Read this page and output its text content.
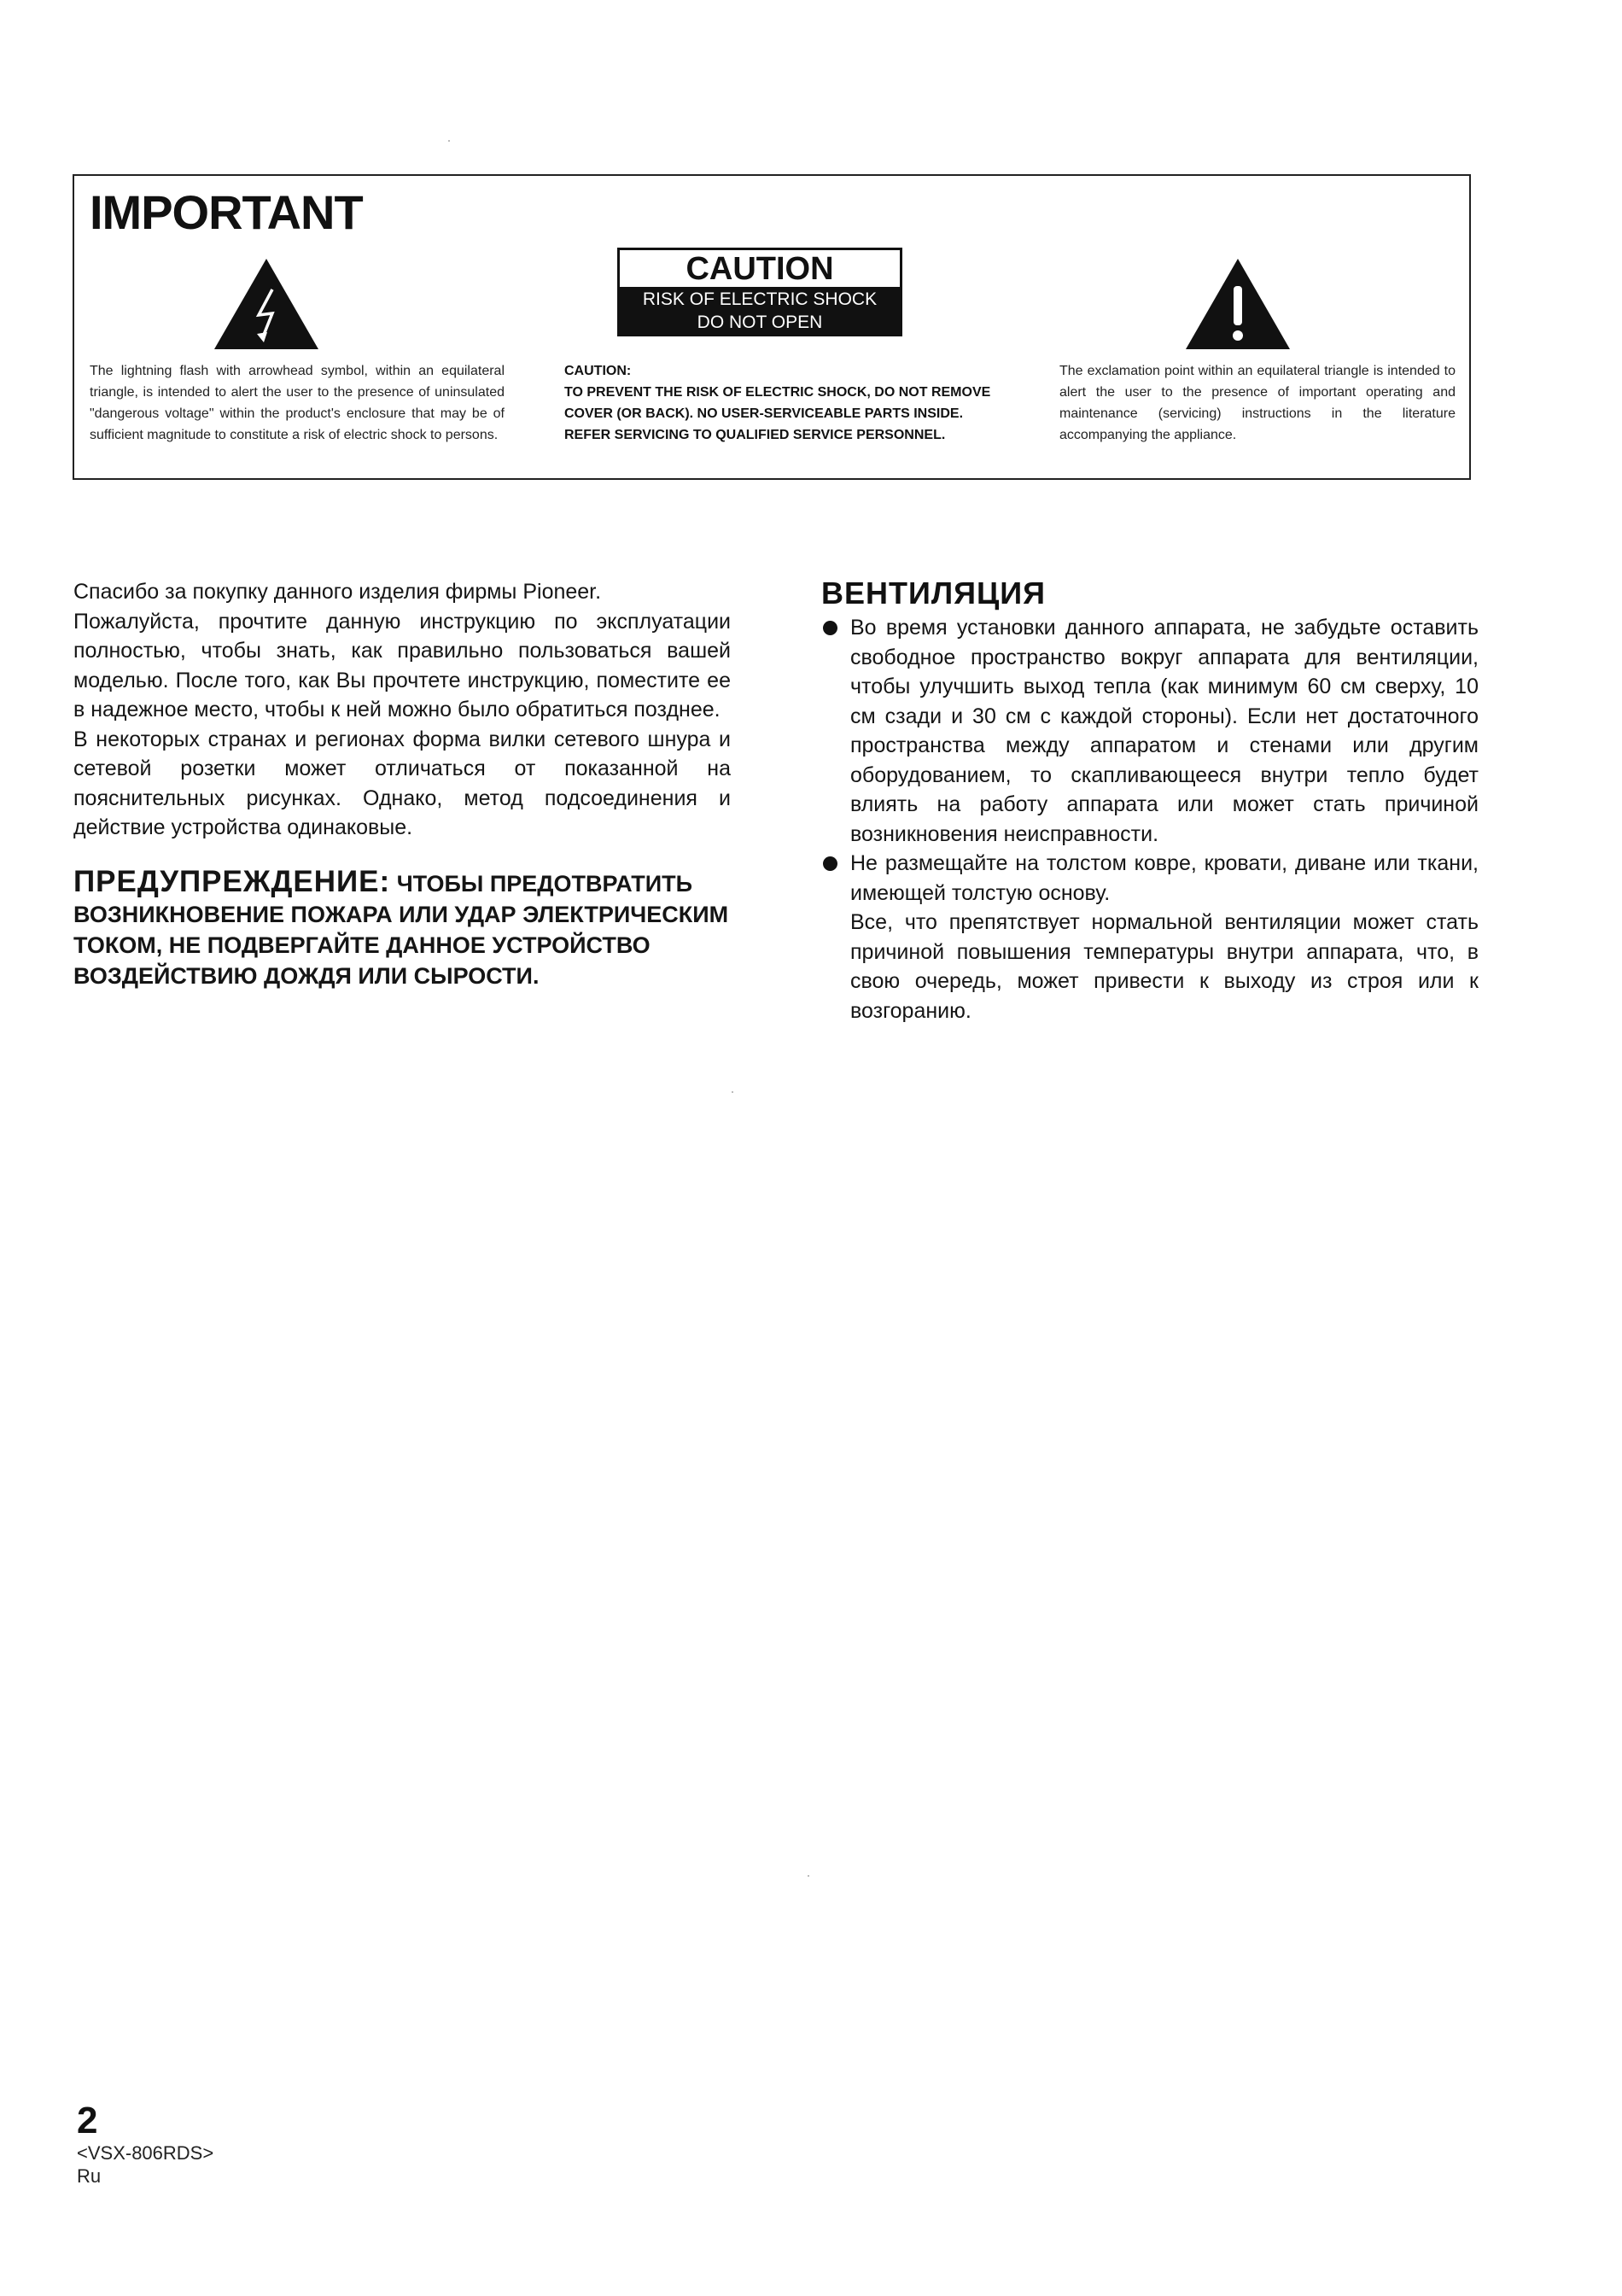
IMPORTANT
CAUTION
RISK OF ELECTRIC SHOCK
DO NOT OPEN

The lightning flash with arrowhead symbol, within an equilateral triangle, is intended to alert the user to the presence of uninsulated "dangerous voltage" within the product's enclosure that may be of sufficient magnitude to constitute a risk of electric shock to persons.

CAUTION:

TO PREVENT THE RISK OF ELECTRIC SHOCK, DO NOT REMOVE COVER (OR BACK). NO USER-SERVICEABLE PARTS INSIDE. REFER SERVICING TO QUALIFIED SERVICE PERSONNEL.

The exclamation point within an equilateral triangle is intended to alert the user to the presence of important operating and maintenance (servicing) instructions in the literature accompanying the appliance.

Спасибо за покупку данного изделия фирмы Pioneer.

Пожалуйста, прочтите данную инструкцию по эксплуатации полностью, чтобы знать, как правильно пользоваться вашей моделью. После того, как Вы прочтете инструкцию, поместите ее в надежное место, чтобы к ней можно было обратиться позднее.

В некоторых странах и регионах форма вилки сетевого шнура и сетевой розетки может отличаться от показанной на пояснительных рисунках. Однако, метод подсоединения и действие устройства одинаковые.

ПРЕДУПРЕЖДЕНИЕ: ЧТОБЫ ПРЕДОТВРАТИТЬ ВОЗНИКНОВЕНИЕ ПОЖАРА ИЛИ УДАР ЭЛЕКТРИЧЕСКИМ ТОКОМ, НЕ ПОДВЕРГАЙТЕ ДАННОЕ УСТРОЙСТВО ВОЗДЕЙСТВИЮ ДОЖДЯ ИЛИ СЫРОСТИ.

ВЕНТИЛЯЦИЯ

Во время установки данного аппарата, не забудьте оставить свободное пространство вокруг аппарата для вентиляции, чтобы улучшить выход тепла (как минимум 60 см сверху, 10 см сзади и 30 см с каждой стороны). Если нет достаточного пространства между аппаратом и стенами или другим оборудованием, то скапливающееся внутри тепло будет влиять на работу аппарата или может стать причиной возникновения неисправности.

Не размещайте на толстом ковре, кровати, диване или ткани, имеющей толстую основу.

Все, что препятствует нормальной вентиляции может стать причиной повышения температуры внутри аппарата, что, в свою очередь, может привести к выходу из строя или к возгоранию.

2
<VSX-806RDS>
Ru
